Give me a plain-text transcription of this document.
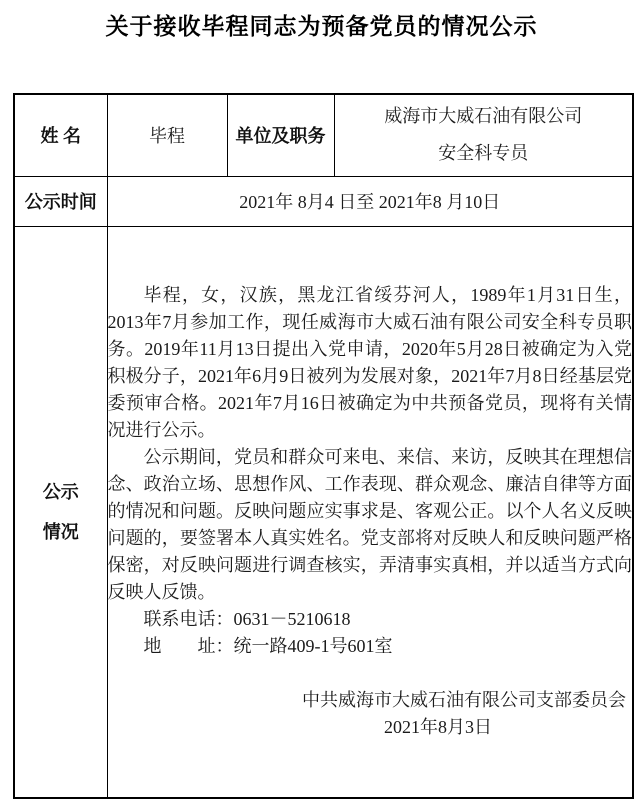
关于接收毕程同志为预备党员的情况公示
姓 名	毕程	单位及职务	威海市大威石油有限公司
安全科专员

公示时间	2021年 8月4 日至 2021年8 月10日		

公示
情况

毕程，女，汉族，黑龙江省绥芬河人，1989年1月31日生，2013年7月参加工作，现任威海市大威石油有限公司安全科专员职务。2019年11月13日提出入党申请，2020年5月28日被确定为入党积极分子，2021年6月9日被列为发展对象，2021年7月8日经基层党委预审合格。2021年7月16日被确定为中共预备党员，现将有关情况进行公示。

公示期间，党员和群众可来电、来信、来访，反映其在理想信念、政治立场、思想作风、工作表现、群众观念、廉洁自律等方面的情况和问题。反映问题应实事求是、客观公正。以个人名义反映问题的，要签署本人真实姓名。党支部将对反映人和反映问题严格保密，对反映问题进行调查核实，弄清事实真相，并以适当方式向反映人反馈。

联系电话：0631－5210618
地　　址：统一路409-1号601室
中共威海市大威石油有限公司支部委员会
2021年8月3日
